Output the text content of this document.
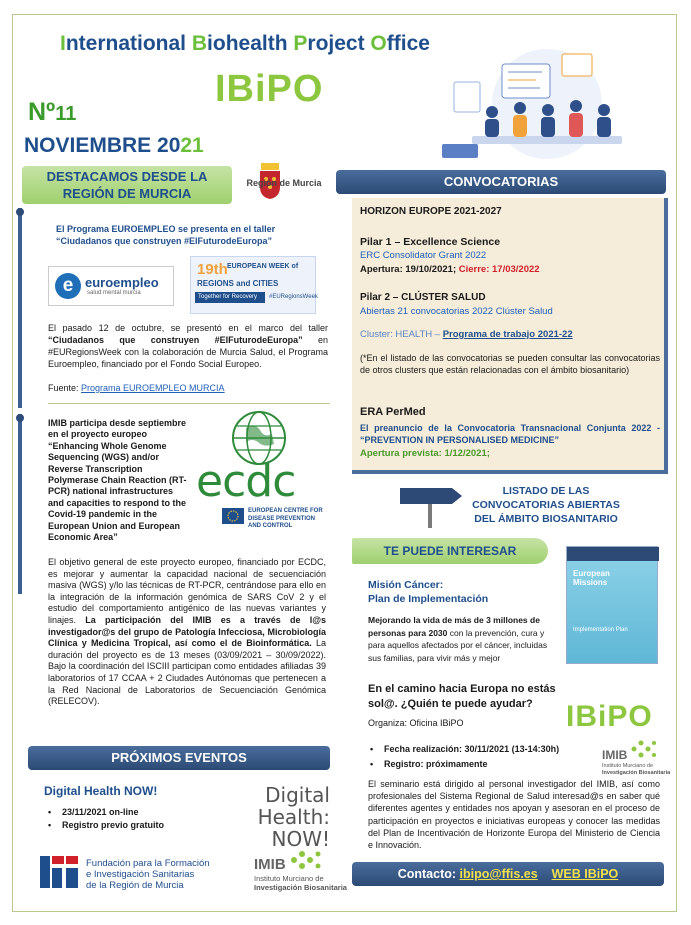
International Biohealth Project Office
IBiPO
Nº11
NOVIEMBRE 2021
DESTACAMOS DESDE LA REGIÓN DE MURCIA
Región de Murcia
El Programa EUROEMPLEO se presenta en el taller “Ciudadanos que construyen #ElFuturodeEuropa”
e euroempleo
salud mental murcia
19th EUROPEAN WEEK of
REGIONS and CITIES
Together for Recovery	#EURegionsWeek
El pasado 12 de octubre, se presentó en el marco del taller “Ciudadanos que construyen #ElFuturodeEuropa” en #EURegionsWeek con la colaboración de Murcia Salud, el Programa Euroempleo, financiado por el Fondo Social Europeo.
Fuente: Programa EUROEMPLEO MURCIA
IMIB participa desde septiembre en el proyecto europeo “Enhancing Whole Genome Sequencing (WGS) and/or Reverse Transcription Polymerase Chain Reaction (RT-PCR) national infrastructures and capacities to respond to the Covid-19 pandemic in the European Union and European Economic Area”
ecdc
EUROPEAN CENTRE FOR DISEASE PREVENTION AND CONTROL
El objetivo general de este proyecto europeo, financiado por ECDC, es mejorar y aumentar la capacidad nacional de secuenciación masiva (WGS) y/lo las técnicas de RT-PCR, centrándose para ello en la integración de la información genómica de SARS CoV 2 y el estudio del comportamiento antigénico de las nuevas variantes y linajes. La participación del IMIB es a través de l@s investigador@s del grupo de Patología Infecciosa, Microbiología Clínica y Medicina Tropical, así como el de Bioinformática. La duración del proyecto es de 13 meses (03/09/2021 – 30/09/2022). Bajo la coordinación del ISCIII participan como entidades afiliadas 39 laboratorios of 17 CCAA + 2 Ciudades Autónomas que pertenecen a la Red Nacional de Laboratorios de Secuenciación Genómica (RELECOV).
PRÓXIMOS EVENTOS
Digital Health NOW!
• 23/11/2021 on-line
• Registro previo gratuito
Digital Health:
NOW!
Fundación para la Formación
e Investigación Sanitarias
de la Región de Murcia
IMIB
Instituto Murciano de
Investigación Biosanitaria
CONVOCATORIAS
HORIZON EUROPE 2021-2027
Pilar 1 – Excellence Science
ERC Consolidator Grant 2022
Apertura: 19/10/2021; Cierre: 17/03/2022
Pilar 2 – CLÚSTER SALUD
Abiertas 21 convocatorias 2022 Clúster Salud
Cluster: HEALTH – Programa de trabajo 2021-22
(*En el listado de las convocatorias se pueden consultar las convocatorias de otros clusters que están relacionadas con el ámbito biosanitario)
ERA PerMed
El preanuncio de la Convocatoria Transnacional Conjunta 2022 - “PREVENTION IN PERSONALISED MEDICINE”
Apertura prevista: 1/12/2021;
LISTADO DE LAS CONVOCATORIAS ABIERTAS DEL ÁMBITO BIOSANITARIO
TE PUEDE INTERESAR
European
Missions
Implementation Plan
Misión Cáncer:
Plan de Implementación
Mejorando la vida de más de 3 millones de personas para 2030 con la prevención, cura y para aquellos afectados por el cáncer, incluidas sus familias, para vivir más y mejor
En el camino hacia Europa no estás sol@. ¿Quién te puede ayudar?	IBiPO
Organiza: Oficina IBiPO
• Fecha realización: 30/11/2021 (13-14:30h)
• Registro: próximamente
IMIB
Instituto Murciano de
Investigación Biosanitaria
El seminario está dirigido al personal investigador del IMIB, así como profesionales del Sistema Regional de Salud interesad@s en saber qué diferentes agentes y entidades nos apoyan y asesoran en el proceso de participación en proyectos e iniciativas europeas y conocer las medidas del Plan de Incentivación de Horizonte Europa del Ministerio de Ciencia e Innovación.
Contacto: ibipo@ffis.es WEB IBiPO
